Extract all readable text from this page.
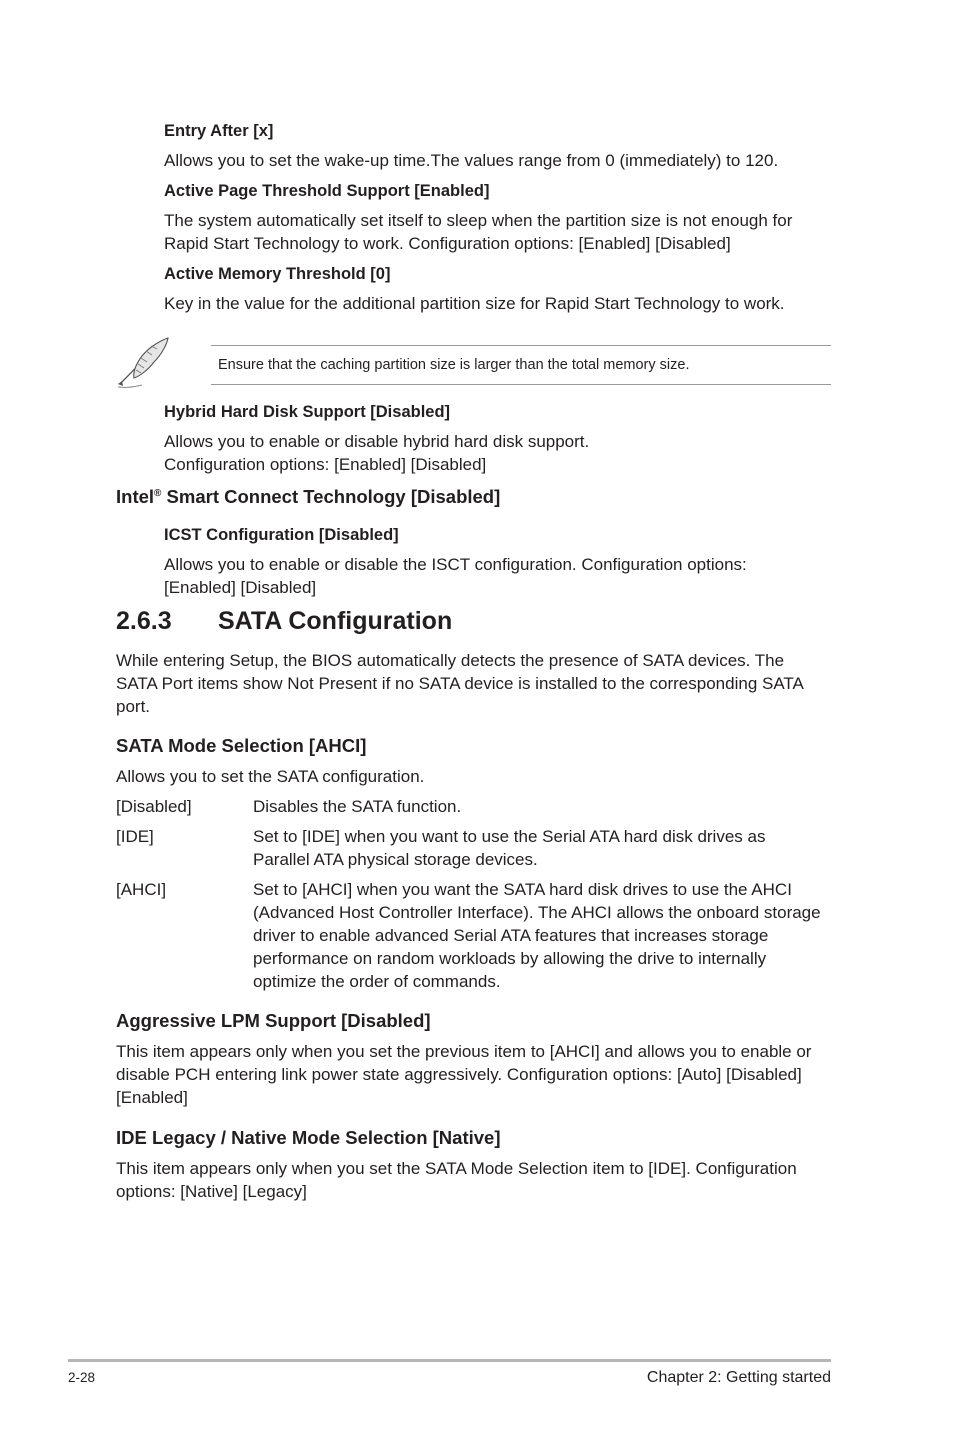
Entry After [x]
Allows you to set the wake-up time.The values range from 0 (immediately) to 120.
Active Page Threshold Support [Enabled]
The system automatically set itself to sleep when the partition size is not enough for
Rapid Start Technology to work. Configuration options: [Enabled] [Disabled]
Active Memory Threshold [0]
Key in the value for the additional partition size for Rapid Start Technology to work.
Ensure that the caching partition size is larger than the total memory size.
Hybrid Hard Disk Support [Disabled]
Allows you to enable or disable hybrid hard disk support.
Configuration options: [Enabled] [Disabled]
Intel® Smart Connect Technology [Disabled]
ICST Configuration [Disabled]
Allows you to enable or disable the ISCT configuration. Configuration options:
[Enabled] [Disabled]
2.6.3 SATA Configuration
While entering Setup, the BIOS automatically detects the presence of SATA devices. The
SATA Port items show Not Present if no SATA device is installed to the corresponding SATA
port.
SATA Mode Selection [AHCI]
Allows you to set the SATA configuration.
[Disabled]	Disables the SATA function.
[IDE]	Set to [IDE] when you want to use the Serial ATA hard disk drives as
Parallel ATA physical storage devices.
[AHCI]	Set to [AHCI] when you want the SATA hard disk drives to use the AHCI
(Advanced Host Controller Interface). The AHCI allows the onboard storage
driver to enable advanced Serial ATA features that increases storage
performance on random workloads by allowing the drive to internally
optimize the order of commands.
Aggressive LPM Support [Disabled]
This item appears only when you set the previous item to [AHCI] and allows you to enable or
disable PCH entering link power state aggressively. Configuration options: [Auto] [Disabled]
[Enabled]
IDE Legacy / Native Mode Selection [Native]
This item appears only when you set the SATA Mode Selection item to [IDE]. Configuration
options: [Native] [Legacy]
2-28	Chapter 2: Getting started
